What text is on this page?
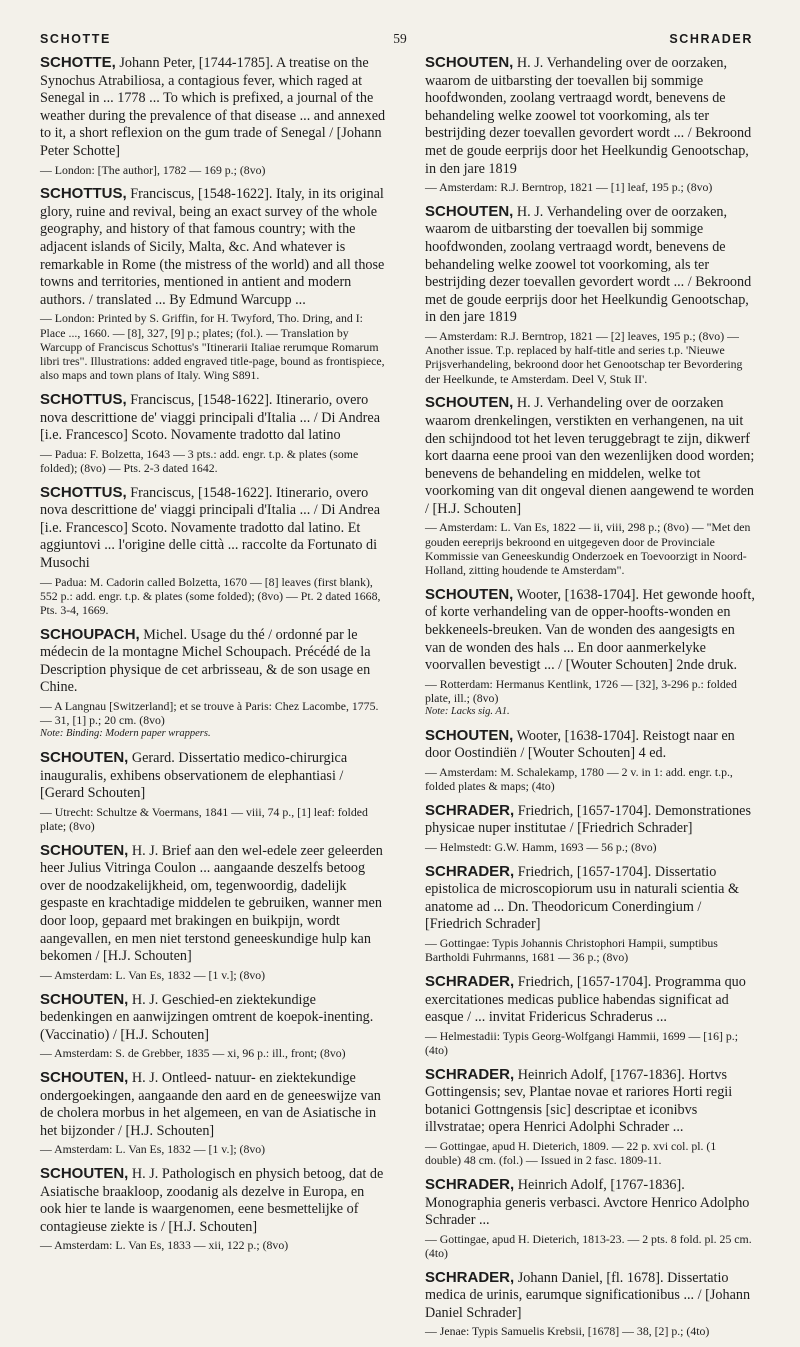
SCHOTTE	59	SCHRADER

SCHOTTE, Johann Peter, [1744-1785]. A treatise on the Synochus Atrabiliosa, a contagious fever, which raged at Senegal in ... 1778 ... To which is prefixed, a journal of the weather during the prevalence of that disease ... and annexed to it, a short reflexion on the gum trade of Senegal / [Johann Peter Schotte]

— London: [The author], 1782 — 169 p.; (8vo)

SCHOTTUS, Franciscus, [1548-1622]. Italy, in its original glory, ruine and revival, being an exact survey of the whole geography, and history of that famous country; with the adjacent islands of Sicily, Malta, &c. And whatever is remarkable in Rome (the mistress of the world) and all those towns and territories, mentioned in antient and modern authors. / translated ... By Edmund Warcupp ...

— London: Printed by S. Griffin, for H. Twyford, Tho. Dring, and I: Place ..., 1660. — [8], 327, [9] p.; plates; (fol.). — Translation by Warcupp of Franciscus Schottus's "Itinerarii Italiae rerumque Romarum libri tres". Illustrations: added engraved title-page, bound as frontispiece, also maps and town plans of Italy. Wing S891.

SCHOTTUS, Franciscus, [1548-1622]. Itinerario, overo nova descrittione de' viaggi principali d'Italia ... / Di Andrea [i.e. Francesco] Scoto. Novamente tradotto dal latino

— Padua: F. Bolzetta, 1643 — 3 pts.: add. engr. t.p. & plates (some folded); (8vo) — Pts. 2-3 dated 1642.

SCHOTTUS, Franciscus, [1548-1622]. Itinerario, overo nova descrittione de' viaggi principali d'Italia ... / Di Andrea [i.e. Francesco] Scoto. Novamente tradotto dal latino. Et aggiuntovi ... l'origine delle città ... raccolte da Fortunato di Musochi

— Padua: M. Cadorin called Bolzetta, 1670 — [8] leaves (first blank), 552 p.: add. engr. t.p. & plates (some folded); (8vo) — Pt. 2 dated 1668, Pts. 3-4, 1669.

SCHOUPACH, Michel. Usage du thé / ordonné par le médecin de la montagne Michel Schoupach. Précédé de la Description physique de cet arbrisseau, & de son usage en Chine.

— A Langnau [Switzerland]; et se trouve à Paris: Chez Lacombe, 1775. — 31, [1] p.; 20 cm. (8vo)

Note: Binding: Modern paper wrappers.

SCHOUTEN, Gerard. Dissertatio medico-chirurgica inauguralis, exhibens observationem de elephantiasi / [Gerard Schouten]

— Utrecht: Schultze & Voermans, 1841 — viii, 74 p., [1] leaf: folded plate; (8vo)

SCHOUTEN, H. J. Brief aan den wel-edele zeer geleerden heer Julius Vitringa Coulon ... aangaande deszelfs betoog over de noodzakelijkheid, om, tegenwoordig, dadelijk gespaste en krachtadige middelen te gebruiken, wanner men door loop, gepaard met brakingen en buikpijn, wordt aangevallen, en men niet terstond geneeskundige hulp kan bekomen / [H.J. Schouten]

— Amsterdam: L. Van Es, 1832 — [1 v.]; (8vo)

SCHOUTEN, H. J. Geschied-en ziektekundige bedenkingen en aanwijzingen omtrent de koepok-inenting. (Vaccinatio) / [H.J. Schouten]

— Amsterdam: S. de Grebber, 1835 — xi, 96 p.: ill., front; (8vo)

SCHOUTEN, H. J. Ontleed- natuur- en ziektekundige ondergoekingen, aangaande den aard en de geneeswijze van de cholera morbus in het algemeen, en van de Asiatische in het bijzonder / [H.J. Schouten]

— Amsterdam: L. Van Es, 1832 — [1 v.]; (8vo)

SCHOUTEN, H. J. Pathologisch en physich betoog, dat de Asiatische braakloop, zoodanig als dezelve in Europa, en ook hier te lande is waargenomen, eene besmettelijke of contagieuse ziekte is / [H.J. Schouten]

— Amsterdam: L. Van Es, 1833 — xii, 122 p.; (8vo)

SCHOUTEN, H. J. Verhandeling over de oorzaken, waarom de uitbarsting der toevallen bij sommige hoofdwonden, zoolang vertraagd wordt, benevens de behandeling welke zoowel tot voorkoming, als ter bestrijding dezer toevallen gevordert wordt ... / Bekroond met de goude eerprijs door het Heelkundig Genootschap, in den jare 1819

— Amsterdam: R.J. Berntrop, 1821 — [1] leaf, 195 p.; (8vo)

SCHOUTEN, H. J. Verhandeling over de oorzaken, waarom de uitbarsting der toevallen bij sommige hoofdwonden, zoolang vertraagd wordt, benevens de behandeling welke zoowel tot voorkoming, als ter bestrijding dezer toevallen gevordert wordt ... / Bekroond met de goude eerprijs door het Heelkundig Genootschap, in den jare 1819

— Amsterdam: R.J. Berntrop, 1821 — [2] leaves, 195 p.; (8vo) — Another issue. T.p. replaced by half-title and series t.p. 'Nieuwe Prijsverhandeling, bekroond door het Genootschap ter Bevordering der Heelkunde, te Amsterdam. Deel V, Stuk II'.

SCHOUTEN, H. J. Verhandeling over de oorzaken waarom drenkelingen, verstikten en verhangenen, na uit den schijndood tot het leven teruggebragt te zijn, dikwerf kort daarna eene prooi van den wezenlijken dood worden; benevens de behandeling en middelen, welke tot voorkoming van dit ongeval dienen aangewend te worden / [H.J. Schouten]

— Amsterdam: L. Van Es, 1822 — ii, viii, 298 p.; (8vo) — "Met den gouden eereprijs bekroond en uitgegeven door de Provinciale Kommissie van Geneeskundig Onderzoek en Toevoorzigt in Noord-Holland, zitting houdende te Amsterdam".

SCHOUTEN, Wooter, [1638-1704]. Het gewonde hooft, of korte verhandeling van de opper-hoofts-wonden en bekkeneels-breuken. Van de wonden des aangesigts en van de wonden des hals ... En door aanmerkelyke voorvallen bevestigt ... / [Wouter Schouten] 2nde druk.

— Rotterdam: Hermanus Kentlink, 1726 — [32], 3-296 p.: folded plate, ill.; (8vo)

Note: Lacks sig. A1.

SCHOUTEN, Wooter, [1638-1704]. Reistogt naar en door Oostindiën / [Wouter Schouten] 4 ed.

— Amsterdam: M. Schalekamp, 1780 — 2 v. in 1: add. engr. t.p., folded plates & maps; (4to)

SCHRADER, Friedrich, [1657-1704]. Demonstrationes physicae nuper institutae / [Friedrich Schrader]

— Helmstedt: G.W. Hamm, 1693 — 56 p.; (8vo)

SCHRADER, Friedrich, [1657-1704]. Dissertatio epistolica de microscopiorum usu in naturali scientia & anatome ad ... Dn. Theodoricum Conerdingium / [Friedrich Schrader]

— Gottingae: Typis Johannis Christophori Hampii, sumptibus Bartholdi Fuhrmanns, 1681 — 36 p.; (8vo)

SCHRADER, Friedrich, [1657-1704]. Programma quo exercitationes medicas publice habendas significat ad easque / ... invitat Fridericus Schraderus ...

— Helmestadii: Typis Georg-Wolfgangi Hammii, 1699 — [16] p.; (4to)

SCHRADER, Heinrich Adolf, [1767-1836]. Hortvs Gottingensis; sev, Plantae novae et rariores Horti regii botanici Gottngensis [sic] descriptae et iconibvs illvstratae; opera Henrici Adolphi Schrader ...

— Gottingae, apud H. Dieterich, 1809. — 22 p. xvi col. pl. (1 double) 48 cm. (fol.) — Issued in 2 fasc. 1809-11.

SCHRADER, Heinrich Adolf, [1767-1836]. Monographia generis verbasci. Avctore Henrico Adolpho Schrader ...

— Gottingae, apud H. Dieterich, 1813-23. — 2 pts. 8 fold. pl. 25 cm. (4to)

SCHRADER, Johann Daniel, [fl. 1678]. Dissertatio medica de urinis, earumque significationibus ... / [Johann Daniel Schrader]

— Jenae: Typis Samuelis Krebsii, [1678] — 38, [2] p.; (4to)
